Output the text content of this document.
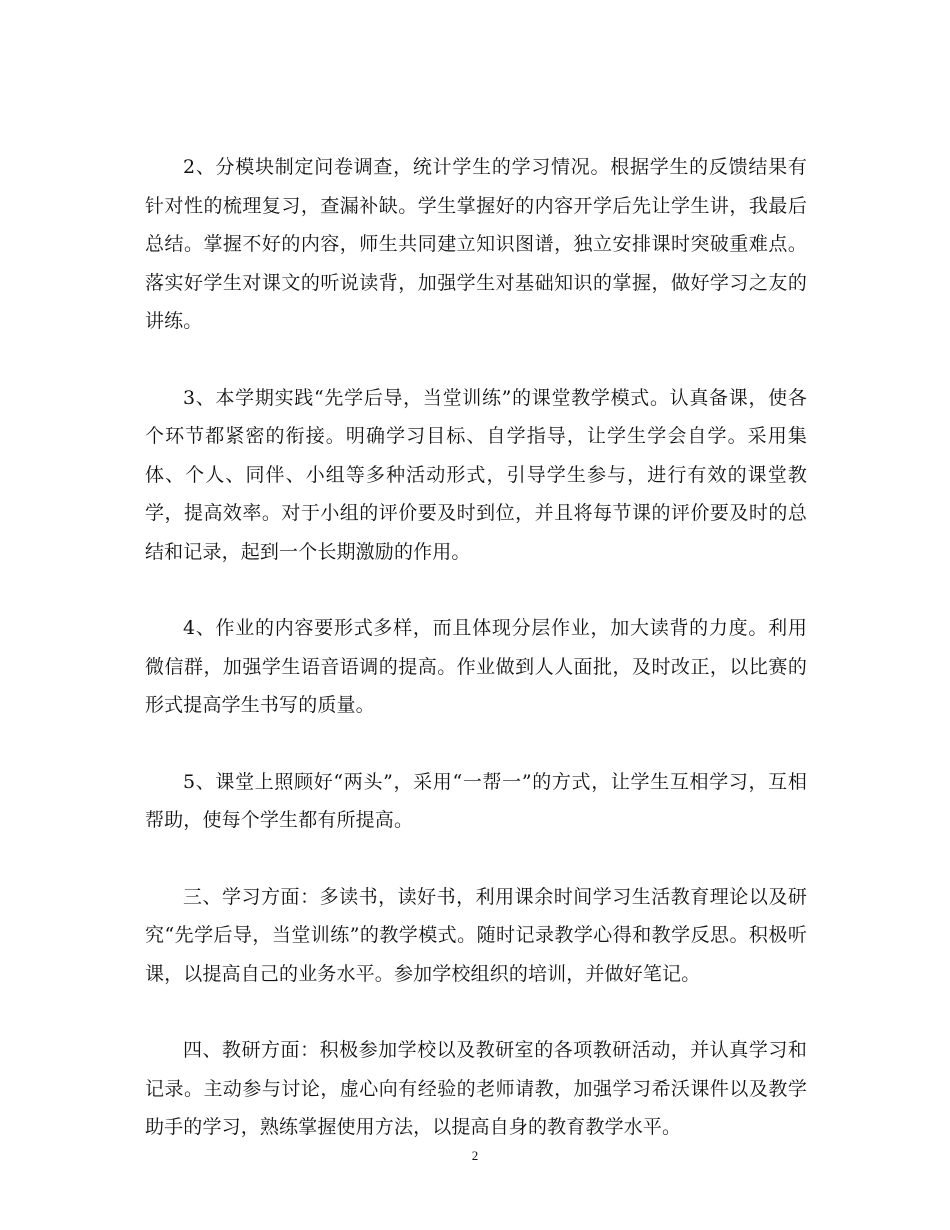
2、分模块制定问卷调查，统计学生的学习情况。根据学生的反馈结果有针对性的梳理复习，查漏补缺。学生掌握好的内容开学后先让学生讲，我最后总结。掌握不好的内容，师生共同建立知识图谱，独立安排课时突破重难点。落实好学生对课文的听说读背，加强学生对基础知识的掌握，做好学习之友的讲练。

3、本学期实践“先学后导，当堂训练”的课堂教学模式。认真备课，使各个环节都紧密的衔接。明确学习目标、自学指导，让学生学会自学。采用集体、个人、同伴、小组等多种活动形式，引导学生参与，进行有效的课堂教学，提高效率。对于小组的评价要及时到位，并且将每节课的评价要及时的总结和记录，起到一个长期激励的作用。

4、作业的内容要形式多样，而且体现分层作业，加大读背的力度。利用微信群，加强学生语音语调的提高。作业做到人人面批，及时改正，以比赛的形式提高学生书写的质量。

5、课堂上照顾好“两头”，采用“一帮一”的方式，让学生互相学习，互相帮助，使每个学生都有所提高。

三、学习方面：多读书，读好书，利用课余时间学习生活教育理论以及研究“先学后导，当堂训练”的教学模式。随时记录教学心得和教学反思。积极听课，以提高自己的业务水平。参加学校组织的培训，并做好笔记。

四、教研方面：积极参加学校以及教研室的各项教研活动，并认真学习和记录。主动参与讨论，虚心向有经验的老师请教，加强学习希沃课件以及教学助手的学习，熟练掌握使用方法，以提高自身的教育教学水平。

2
